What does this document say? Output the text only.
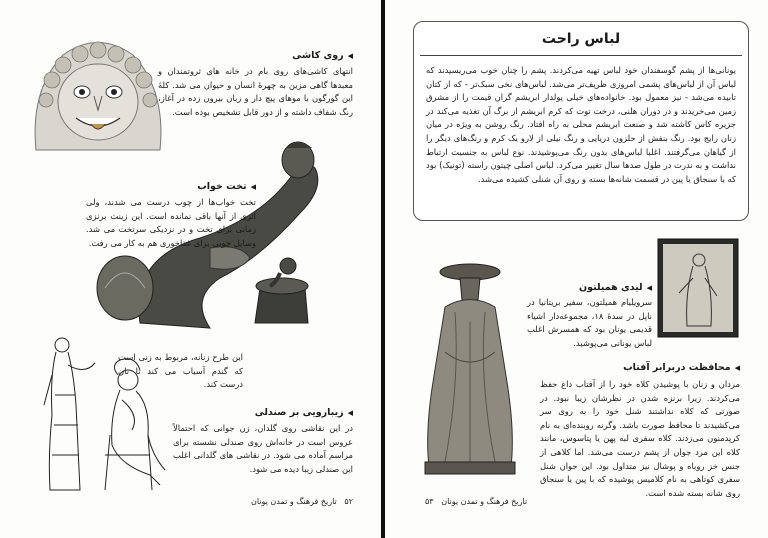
◀روی کاشی

انتهای کاشی‌های روی بام در خانه های ثروتمندان و معبدها گاهی مزین به چهرهٔ انسان و حیوان می شد. کلهٔ این گورگون با موهای پیچ دار و زبان بیرون زده در آغاز، رنگ شفاف داشته و از دور قابل تشخیص بوده است.

◀تخت خواب

تخت خواب‌ها از چوب درست می شدند، ولی اثری از آنها باقی نمانده است. این زینت برنزی زمانی برای تخت و در نزدیکی سرتخت می شد. وسایل چوبی برای غذاخوری هم به کار می رفت.

این طرح زنانه، مربوط به زنی است که گندم آسیاب می کند تا نان درست کند.

◀زیبارویی بر صندلی

در این نقاشی روی گلدان، زن جوانی که احتمالاً عروس است در خانه‌اش روی صندلی نشسته برای مراسم آماده می شود. در نقاشی های گلدانی اغلب این صندلی زیبا دیده می شود.

۵۲   تاریخ فرهنگ و تمدن یونان
لباس راحت

یونانی‌ها از پشم گوسفندان خود لباس تهیه می‌کردند. پشم را چنان خوب می‌ریسیدند که لباس آن از لباس‌های پشمی امروزی ظریف‌تر می‌شد. لباس‌های نخی سبک‌تر - که از کتان تابیده می‌شد - نیز معمول بود. خانواده‌های خیلی پولدار ابریشم گران قیمت را از مشرق زمین می‌خریدند و در دوران هلنی، درخت توت که کرم ابریشم از برگ آن تغذیه می‌کند در جزیره کاس کاشته شد و صنعت ابریشم محلی به راه افتاد. رنگ روشن به ویژه در میان زنان رایج بود. رنگ بنفش از حلزون دریایی و رنگ نیلی از لارو یک کرم و رنگ‌های دیگر را از گیاهان می‌گرفتند. اغلبا لباس‌های بدون رنگ می‌پوشیدند. نوع لباس به جنسیت ارتباط نداشت و به ندرت در طول صدها سال تغییر می‌کرد. لباس اصلی چیتون راسته (تونیک) بود که با سنجاق یا پین در قسمت شانه‌ها بسته و روی آن شنلی کشیده می‌شد.

◀لیدی همیلتون

سرویلیام همیلتون، سفیر بریتانیا در ناپل در سدهٔ ۱۸، مجموعه‌دار اشیاء قدیمی یونان بود که همسرش اغلب لباس یونانی می‌پوشید.

◀محافظت دربرابر آفتاب

مردان و زنان با پوشیدن کلاه خود را از آفتاب داغ حفظ می‌کردند. زیرا برنزه شدن در نظرشان زیبا نبود. در صورتی که کلاه نداشتند شنل خود را به روی سر می‌کشیدند تا محافظ صورت باشد. وگرنه روبنده‌ای به نام کرپدمنون می‌زدند. کلاه سفری لبه پهن یا پتاسوس، مانند کلاه این مرد جوان از پشم درست می‌شد. اما کلاهی از جنس خز روباه و پوشال نیز متداول بود. این جوان شنل سفری کوتاهی به نام کلامیس پوشیده که با پین یا سنجاق روی شانه بسته شده است.

تاریخ فرهنگ و تمدن یونان   ۵۳
